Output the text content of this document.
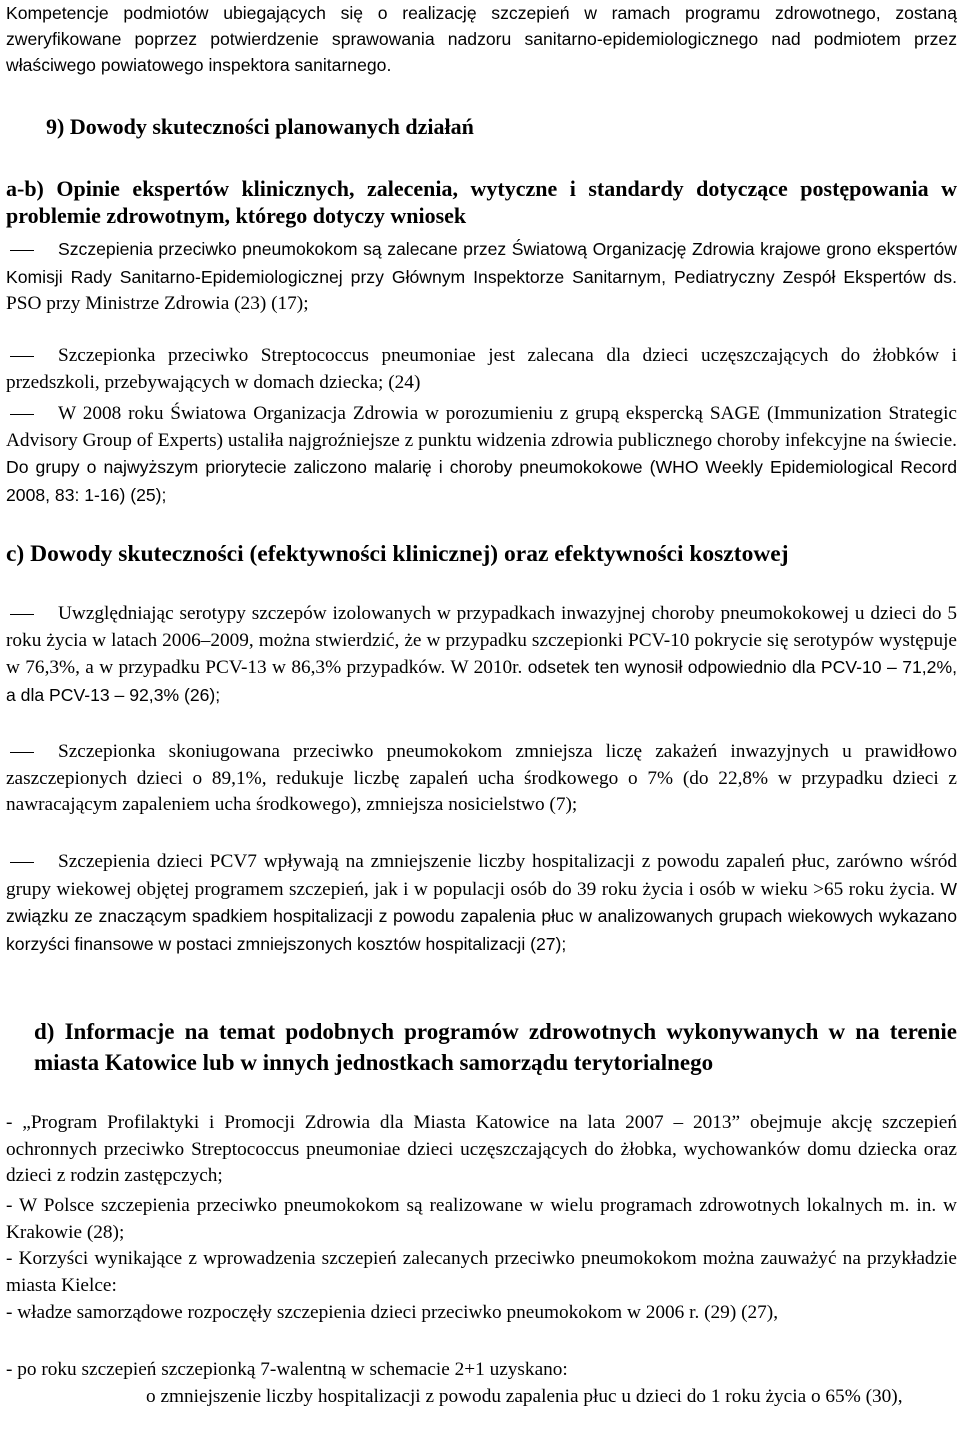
Kompetencje podmiotów ubiegających się o realizację szczepień w ramach programu zdrowotnego, zostaną zweryfikowane poprzez potwierdzenie sprawowania nadzoru sanitarno-epidemiologicznego nad podmiotem przez właściwego powiatowego inspektora sanitarnego.

9) Dowody skuteczności planowanych działań
a-b) Opinie ekspertów klinicznych, zalecenia, wytyczne i standardy dotyczące postępowania w problemie zdrowotnym, którego dotyczy wniosek

Szczepienia przeciwko pneumokokom są zalecane przez Światową Organizację Zdrowia krajowe grono ekspertów Komisji Rady Sanitarno-Epidemiologicznej przy Głównym Inspektorze Sanitarnym, Pediatryczny Zespół Ekspertów ds. PSO przy Ministrze Zdrowia (23) (17);

Szczepionka przeciwko Streptococcus pneumoniae jest zalecana dla dzieci uczęszczających do żłobków i przedszkoli, przebywających w domach dziecka; (24)

W 2008 roku Światowa Organizacja Zdrowia w porozumieniu z grupą ekspercką SAGE (Immunization Strategic Advisory Group of Experts) ustaliła najgroźniejsze z punktu widzenia zdrowia publicznego choroby infekcyjne na świecie. Do grupy o najwyższym priorytecie zaliczono malarię i choroby pneumokokowe (WHO Weekly Epidemiological Record 2008, 83: 1-16) (25);

c) Dowody skuteczności (efektywności klinicznej) oraz efektywności kosztowej

Uwzględniając serotypy szczepów izolowanych w przypadkach inwazyjnej choroby pneumokokowej u dzieci do 5 roku życia w latach 2006–2009, można stwierdzić, że w przypadku szczepionki PCV-10 pokrycie się serotypów występuje w 76,3%, a w przypadku PCV-13 w 86,3% przypadków. W 2010r. odsetek ten wynosił odpowiednio dla PCV-10 – 71,2%, a dla PCV-13 – 92,3% (26);

Szczepionka skoniugowana przeciwko pneumokokom zmniejsza liczę zakażeń inwazyjnych u prawidłowo zaszczepionych dzieci o 89,1%, redukuje liczbę zapaleń ucha środkowego o 7% (do 22,8% w przypadku dzieci z nawracającym zapaleniem ucha środkowego), zmniejsza nosicielstwo (7);

Szczepienia dzieci PCV7 wpływają na zmniejszenie liczby hospitalizacji z powodu zapaleń płuc, zarówno wśród grupy wiekowej objętej programem szczepień, jak i w populacji osób do 39 roku życia i osób w wieku >65 roku życia. W związku ze znaczącym spadkiem hospitalizacji z powodu zapalenia płuc w analizowanych grupach wiekowych wykazano korzyści finansowe w postaci zmniejszonych kosztów hospitalizacji (27);

d) Informacje na temat podobnych programów zdrowotnych wykonywanych w na terenie miasta Katowice lub w innych jednostkach samorządu terytorialnego

- „Program Profilaktyki i Promocji Zdrowia dla Miasta Katowice na lata 2007 – 2013” obejmuje akcję szczepień ochronnych przeciwko Streptococcus pneumoniae dzieci uczęszczających do żłobka, wychowanków domu dziecka oraz dzieci z rodzin zastępczych;

- W Polsce szczepienia przeciwko pneumokokom są realizowane w wielu programach zdrowotnych lokalnych m. in. w Krakowie (28);

- Korzyści wynikające z wprowadzenia szczepień zalecanych przeciwko pneumokokom można zauważyć na przykładzie miasta Kielce:

- władze samorządowe rozpoczęły szczepienia dzieci przeciwko pneumokokom w 2006 r. (29) (27),

- po roku szczepień szczepionką 7-walentną w schemacie 2+1 uzyskano:

o zmniejszenie liczby hospitalizacji z powodu zapalenia płuc u dzieci do 1 roku życia o 65% (30),
